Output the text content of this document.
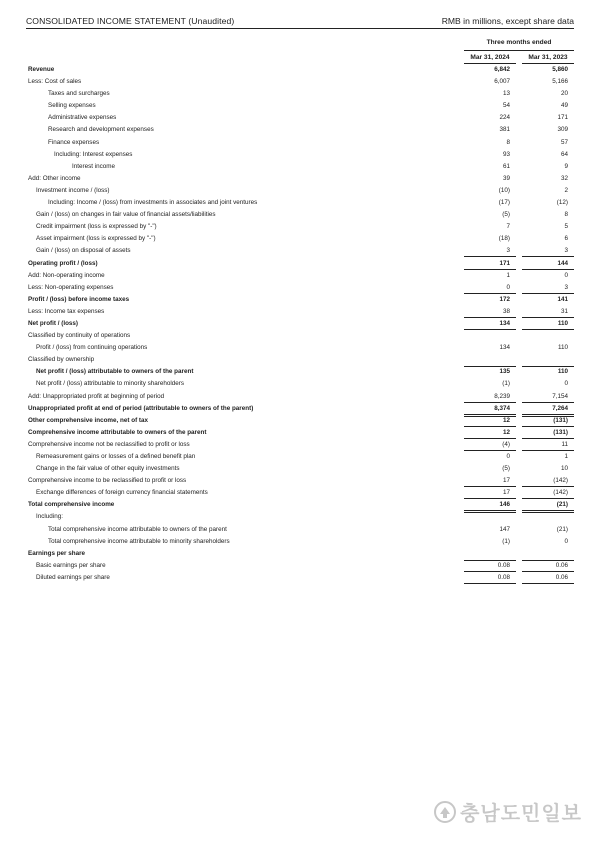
CONSOLIDATED INCOME STATEMENT (Unaudited)	RMB in millions, except share data
Three months ended
Mar 31, 2024	Mar 31, 2023
Revenue	6,842	5,860
Less: Cost of sales	6,007	5,166
Taxes and surcharges	13	20
Selling expenses	54	49
Administrative expenses	224	171
Research and development expenses	381	309
Finance expenses	8	57
Including: Interest expenses	93	64
Interest income	61	9
Add: Other income	39	32
Investment income / (loss)	(10)	2
Including: Income / (loss) from investments in associates and joint ventures	(17)	(12)
Gain / (loss) on changes in fair value of financial assets/liabilities	(5)	8
Credit impairment (loss is expressed by "-")	7	5
Asset impairment (loss is expressed by "-")	(18)	6
Gain / (loss) on disposal of assets	3	3
Operating profit / (loss)	171	144
Add: Non-operating income	1	0
Less: Non-operating expenses	0	3
Profit / (loss) before income taxes	172	141
Less: Income tax expenses	38	31
Net profit / (loss)	134	110
Classified by continuity of operations
Profit / (loss) from continuing operations	134	110
Classified by ownership
Net profit / (loss) attributable to owners of the parent	135	110
Net profit / (loss) attributable to minority shareholders	(1)	0
Add: Unappropriated profit at beginning of period	8,239	7,154
Unappropriated profit at end of period (attributable to owners of the parent)	8,374	7,264
Other comprehensive income, net of tax	12	(131)
Comprehensive income attributable to owners of the parent	12	(131)
Comprehensive income not be reclassified to profit or loss	(4)	11
Remeasurement gains or losses of a defined benefit plan	0	1
Change in the fair value of other equity investments	(5)	10
Comprehensive income to be reclassified to profit or loss	17	(142)
Exchange differences of foreign currency financial statements	17	(142)
Total comprehensive income	146	(21)
Including:
Total comprehensive income attributable to owners of the parent	147	(21)
Total comprehensive income attributable to minority shareholders	(1)	0
Earnings per share
Basic earnings per share	0.08	0.06
Diluted earnings per share	0.08	0.06
충남도민일보
